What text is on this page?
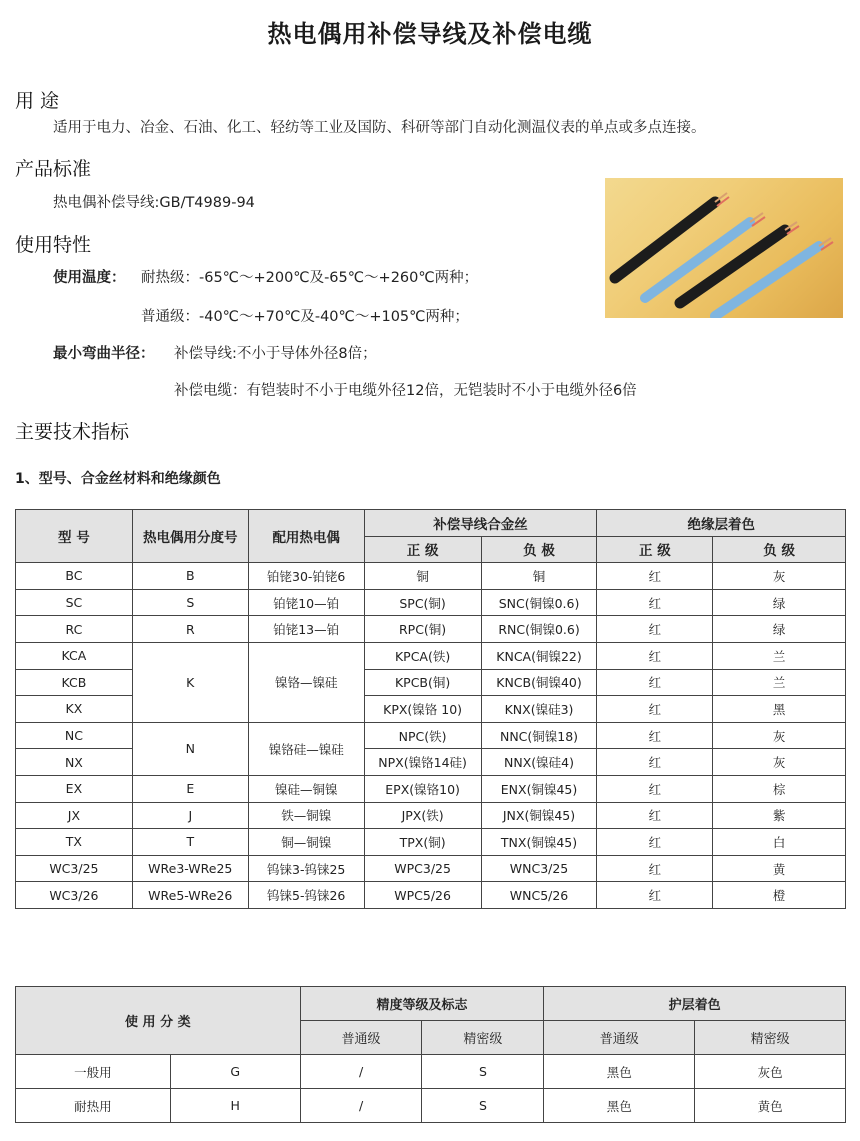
热电偶用补偿导线及补偿电缆
用 途
适用于电力、冶金、石油、化工、轻纺等工业及国防、科研等部门自动化测温仪表的单点或多点连接。
产品标准
热电偶补偿导线:GB/T4989-94
使用特性
使用温度： 耐热级：-65℃～+200℃及-65℃～+260℃两种；
普通级：-40℃～+70℃及-40℃～+105℃两种；
最小弯曲半径： 补偿导线:不小于导体外径8倍；
补偿电缆：有铠装时不小于电缆外径12倍，无铠装时不小于电缆外径6倍
主要技术指标
1、型号、合金丝材料和绝缘颜色
型 号	热电偶用分度号	配用热电偶	补偿导线合金丝		绝缘层着色	
			正 级	负 极	正 级	负 级
BC	B	铂铑30-铂铑6	铜	铜	红	灰
SC	S	铂铑10—铂	SPC(铜)	SNC(铜镍0.6)	红	绿
RC	R	铂铑13—铂	RPC(铜)	RNC(铜镍0.6)	红	绿
KCA	K	镍铬—镍硅	KPCA(铁)	KNCA(铜镍22)	红	兰
KCB			KPCB(铜)	KNCB(铜镍40)	红	兰
KX			KPX(镍铬 10)	KNX(镍硅3)	红	黑
NC	N	镍铬硅—镍硅	NPC(铁)	NNC(铜镍18)	红	灰
NX			NPX(镍铬14硅)	NNX(镍硅4)	红	灰
EX	E	镍硅—铜镍	EPX(镍铬10)	ENX(铜镍45)	红	棕
JX	J	铁—铜镍	JPX(铁)	JNX(铜镍45)	红	紫
TX	T	铜—铜镍	TPX(铜)	TNX(铜镍45)	红	白
WC3/25	WRe3-WRe25	钨铼3-钨铼25	WPC3/25	WNC3/25	红	黄
WC3/26	WRe5-WRe26	钨铼5-钨铼26	WPC5/26	WNC5/26	红	橙
使 用 分 类		精度等级及标志		护层着色	
		普通级	精密级	普通级	精密级
一般用	G	/	S	黑色	灰色
耐热用	H	/	S	黑色	黄色
